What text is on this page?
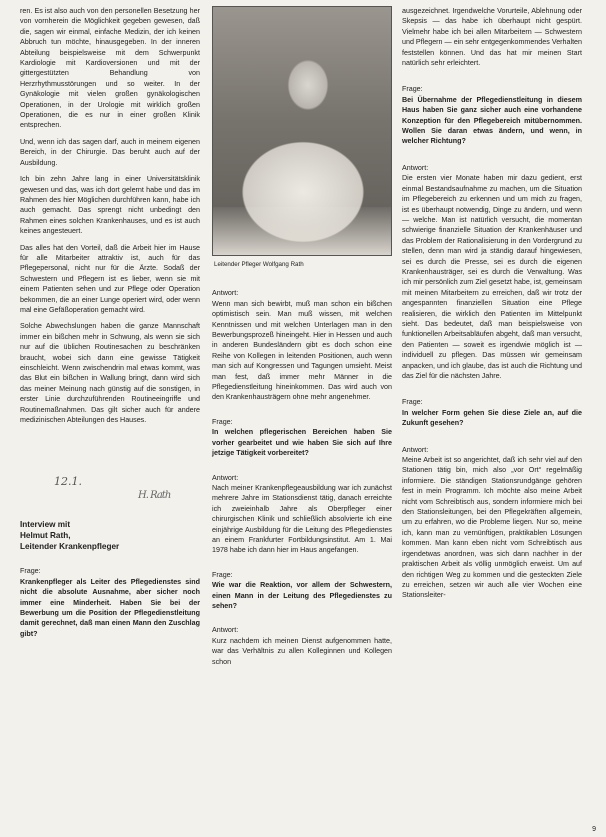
ren. Es ist also auch von den personellen Besetzung her von vornherein die Möglichkeit gegeben gewesen, daß die, sagen wir einmal, einfache Medizin, der ich keinen Abbruch tun möchte, hinausgegeben. In der inneren Abteilung beispielsweise mit dem Schwerpunkt Kardiologie mit Kardioversionen und mit der gittergestützten Behandlung von Herzrhythmusstörungen und so weiter. In der Gynäkologie mit vielen großen gynäkologischen Operationen, in der Urologie mit wirklich großen Operationen, die es nur in einer großen Klinik entsprechen.

Und, wenn ich das sagen darf, auch in meinem eigenen Bereich, in der Chirurgie. Das beruht auch auf der Ausbildung.

Ich bin zehn Jahre lang in einer Universitätsklinik gewesen und das, was ich dort gelernt habe und das im Rahmen des hier Möglichen durchführen kann, habe ich auch gemacht. Das sprengt nicht unbedingt den Rahmen eines solchen Krankenhauses, und es ist auch keines angesteuert.

Das alles hat den Vorteil, daß die Arbeit hier im Hause für alle Mitarbeiter attraktiv ist, auch für das Pflegepersonal, nicht nur für die Ärzte. Sodaß der Schwestern und Pflegern ist es lieber, wenn sie mit einem Patienten sehen und zur Pflege oder Operation bekommen, die an einer Lunge operiert wird, oder wenn mal eine Gefäßoperation gemacht wird.

Solche Abwechslungen haben die ganze Mannschaft immer ein bißchen mehr in Schwung, als wenn sie sich nur auf die üblichen Routinesachen zu beschränken braucht, wobei sich dann eine gewisse Tätigkeit einschleicht. Wenn zwischendrin mal etwas kommt, was das Blut ein bißchen in Wallung bringt, dann wird sich das meiner Meinung nach günstig auf die sonstigen, in erster Linie durchzuführenden Routineeingriffe und Routinemaßnahmen. Das gilt sicher auch für andere medizinischen Abteilungen des Hauses.

12.1.
H. Rath
Interview mit
Helmut Rath,
Leitender Krankenpfleger

Frage:

Krankenpfleger als Leiter des Pflegedienstes sind nicht die absolute Ausnahme, aber sicher noch immer eine Minderheit. Haben Sie bei der Bewerbung um die Position der Pflegedienstleitung damit gerechnet, daß man einen Mann den Zuschlag gibt?

Leitender Pfleger Wolfgang Rath

Antwort:

Wenn man sich bewirbt, muß man schon ein bißchen optimistisch sein. Man muß wissen, mit welchen Kenntnissen und mit welchen Unterlagen man in den Bewerbungsprozeß hineingeht. Hier in Hessen und auch in anderen Bundesländern gibt es doch schon eine Reihe von Kollegen in leitenden Positionen, auch wenn man sich auf Kongressen und Tagungen umsieht. Meist man fest, daß immer mehr Männer in die Pflegedienstleitung hineinkommen. Das wird auch von den Krankenhausträgern ohne mehr angenehmer.

Frage:

In welchen pflegerischen Bereichen haben Sie vorher gearbeitet und wie haben Sie sich auf Ihre jetzige Tätigkeit vorbereitet?

Antwort:

Nach meiner Krankenpflegeausbildung war ich zunächst mehrere Jahre im Stationsdienst tätig, danach erreichte ich zweieinhalb Jahre als Oberpfleger einer chirurgischen Klinik und schließlich absolvierte ich eine einjährige Ausbildung für die Leitung des Pflegedienstes an einem Frankfurter Fortbildungsinstitut. Am 1. Mai 1978 habe ich dann hier im Haus angefangen.

Frage:

Wie war die Reaktion, vor allem der Schwestern, einen Mann in der Leitung des Pflegedienstes zu sehen?

Antwort:

Kurz nachdem ich meinen Dienst aufgenommen hatte, war das Verhältnis zu allen Kolleginnen und Kollegen schon

ausgezeichnet. Irgendwelche Vorurteile, Ablehnung oder Skepsis — das habe ich überhaupt nicht gespürt. Vielmehr habe ich bei allen Mitarbeitern — Schwestern und Pflegern — ein sehr entgegenkommendes Verhalten feststellen können. Und das hat mir meinen Start natürlich sehr erleichtert.

Frage:

Bei Übernahme der Pflegedienstleitung in diesem Haus haben Sie ganz sicher auch eine vorhandene Konzeption für den Pflegebereich mitübernommen. Wollen Sie daran etwas ändern, und wenn, in welcher Richtung?

Antwort:

Die ersten vier Monate haben mir dazu gedient, erst einmal Bestandsaufnahme zu machen, um die Situation im Pflegebereich zu erkennen und um mich zu fragen, ist es überhaupt notwendig, Dinge zu ändern, und wenn — welche. Man ist natürlich versucht, die momentan schwierige finanzielle Situation der Krankenhäuser und das Problem der Rationalisierung in den Vordergrund zu stellen, denn man wird ja ständig darauf hingewiesen, sei es durch die Presse, sei es durch die eigenen Krankenhausträger, sei es durch die Verwaltung. Was ich mir persönlich zum Ziel gesetzt habe, ist, gemeinsam mit meinen Mitarbeitern zu erreichen, daß wir trotz der angespannten finanziellen Situation eine Pflege realisieren, die wirklich den Patienten im Mittelpunkt sieht. Das bedeutet, daß man beispielsweise von funktionellen Arbeitsabläufen abgeht, daß man versucht, den Patienten — soweit es irgendwie möglich ist — individuell zu pflegen. Das müssen wir gemeinsam anpacken, und ich glaube, das ist auch die Richtung und das Ziel für die nächsten Jahre.

Frage:

In welcher Form gehen Sie diese Ziele an, auf die Zukunft gesehen?

Antwort:

Meine Arbeit ist so angerichtet, daß ich sehr viel auf den Stationen tätig bin, mich also „vor Ort“ regelmäßig informiere. Die ständigen Stationsrundgänge gehören fest in mein Programm. Ich möchte also meine Arbeit nicht vom Schreibtisch aus, sondern informiere mich bei den Stationsleitungen, bei den Pflegekräften allgemein, um zu erfahren, wo die Probleme liegen. Nur so, meine ich, kann man zu vernünftigen, praktikablen Lösungen kommen. Man kann eben nicht vom Schreibtisch aus irgendetwas anordnen, was sich dann nachher in der praktischen Arbeit als völlig unmöglich erweist. Um auf den richtigen Weg zu kommen und die gesteckten Ziele zu erreichen, setzen wir auch alle vier Wochen eine Stationsleiter-

9
